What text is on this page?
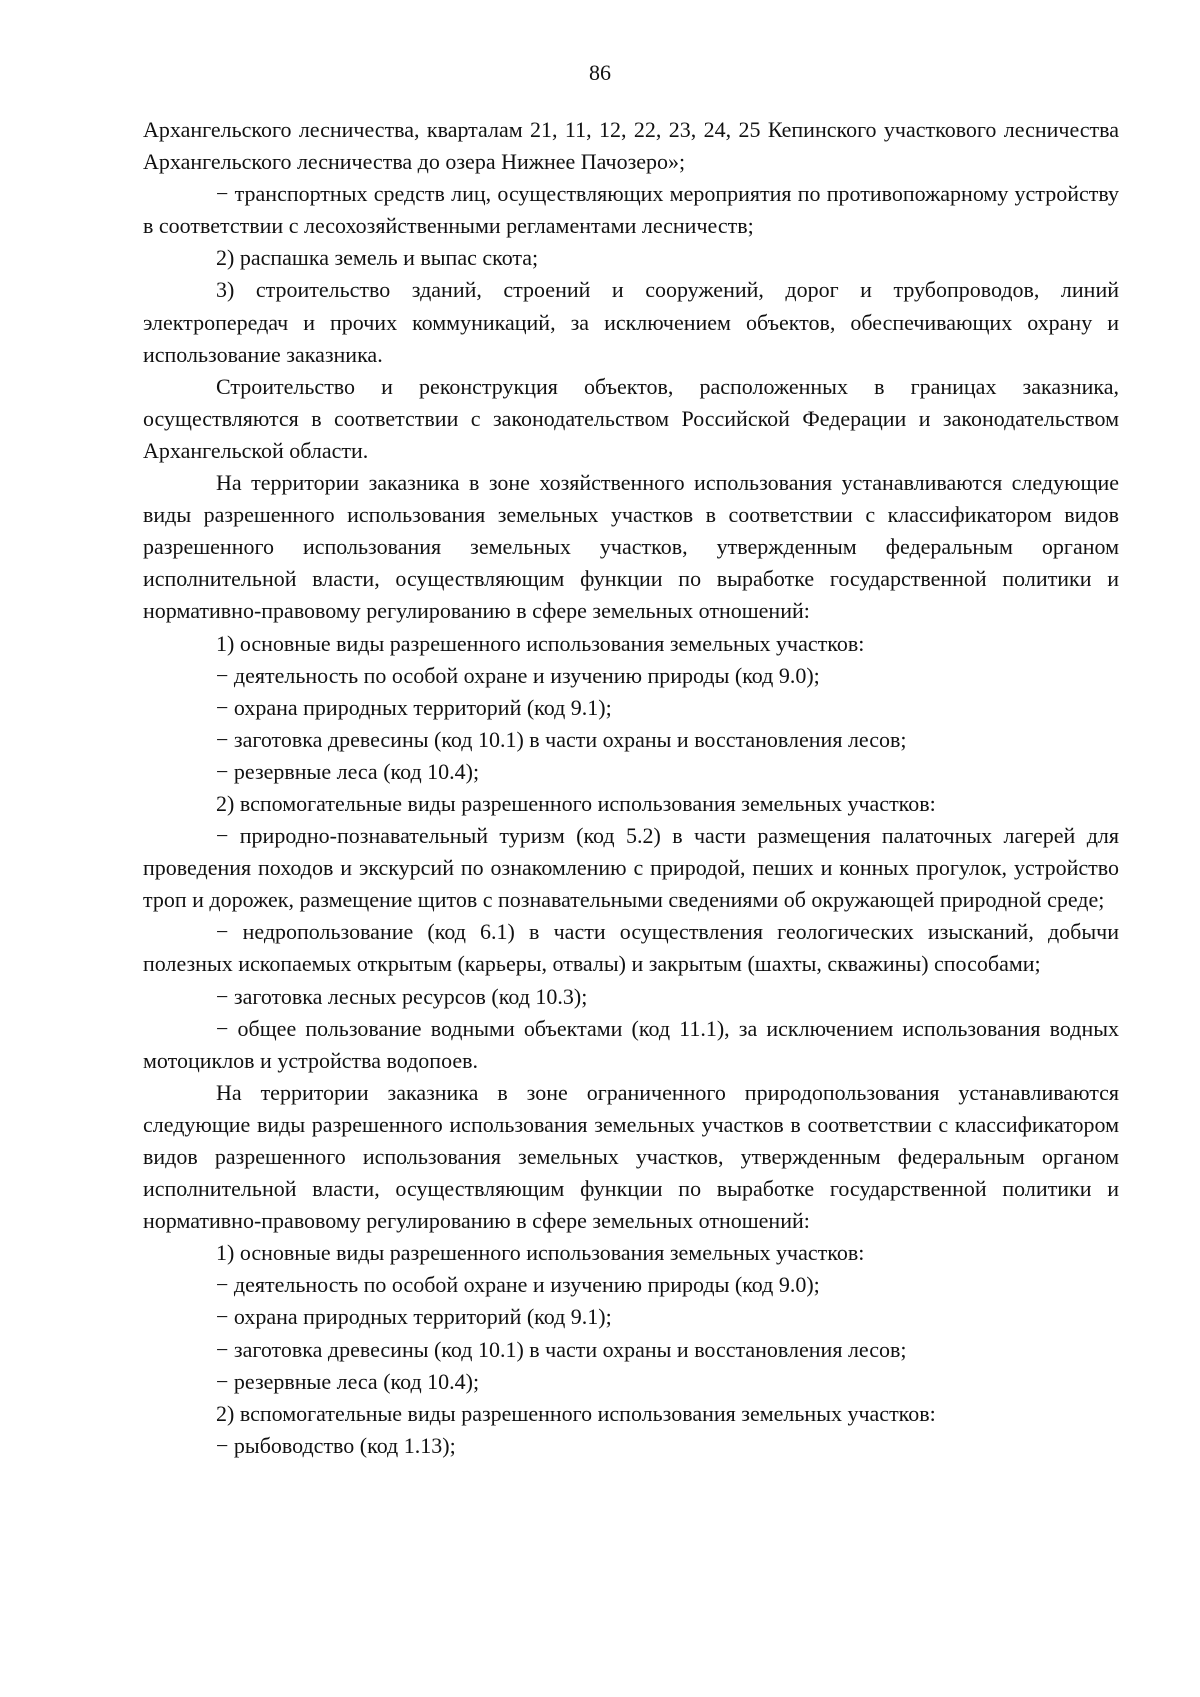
86

Архангельского лесничества, кварталам 21, 11, 12, 22, 23, 24, 25 Кепинского участкового лесничества Архангельского лесничества до озера Нижнее Пачозеро»;

− транспортных средств лиц, осуществляющих мероприятия по противопожарному устройству в соответствии с лесохозяйственными регламентами лесничеств;

2) распашка земель и выпас скота;

3) строительство зданий, строений и сооружений, дорог и трубопроводов, линий электропередач и прочих коммуникаций, за исключением объектов, обеспечивающих охрану и использование заказника.

Строительство и реконструкция объектов, расположенных в границах заказника, осуществляются в соответствии с законодательством Российской Федерации и законодательством Архангельской области.

На территории заказника в зоне хозяйственного использования устанавливаются следующие виды разрешенного использования земельных участков в соответствии с классификатором видов разрешенного использования земельных участков, утвержденным федеральным органом исполнительной власти, осуществляющим функции по выработке государственной политики и нормативно-правовому регулированию в сфере земельных отношений:

1) основные виды разрешенного использования земельных участков:

− деятельность по особой охране и изучению природы (код 9.0);

− охрана природных территорий (код 9.1);

− заготовка древесины (код 10.1) в части охраны и восстановления лесов;

− резервные леса (код 10.4);

2) вспомогательные виды разрешенного использования земельных участков:

− природно-познавательный туризм (код 5.2) в части размещения палаточных лагерей для проведения походов и экскурсий по ознакомлению с природой, пеших и конных прогулок, устройство троп и дорожек, размещение щитов с познавательными сведениями об окружающей природной среде;

− недропользование (код 6.1) в части осуществления геологических изысканий, добычи полезных ископаемых открытым (карьеры, отвалы) и закрытым (шахты, скважины) способами;

− заготовка лесных ресурсов (код 10.3);

− общее пользование водными объектами (код 11.1), за исключением использования водных мотоциклов и устройства водопоев.

На территории заказника в зоне ограниченного природопользования устанавливаются следующие виды разрешенного использования земельных участков в соответствии с классификатором видов разрешенного использования земельных участков, утвержденным федеральным органом исполнительной власти, осуществляющим функции по выработке государственной политики и нормативно-правовому регулированию в сфере земельных отношений:

1) основные виды разрешенного использования земельных участков:

− деятельность по особой охране и изучению природы (код 9.0);

− охрана природных территорий (код 9.1);

− заготовка древесины (код 10.1) в части охраны и восстановления лесов;

− резервные леса (код 10.4);

2) вспомогательные виды разрешенного использования земельных участков:

− рыбоводство (код 1.13);
